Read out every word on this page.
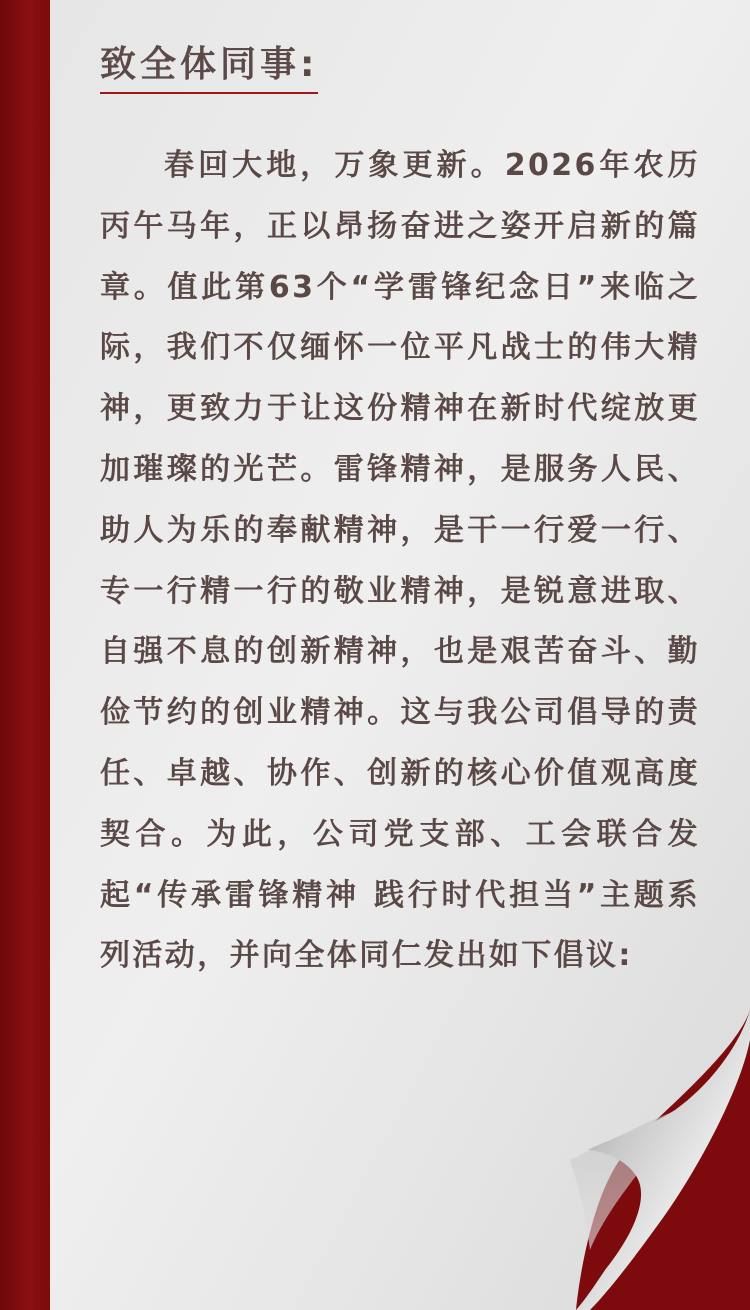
致全体同事:

春回大地，万象更新。2026年农历丙午马年，正以昂扬奋进之姿开启新的篇章。值此第63个“学雷锋纪念日”来临之际，我们不仅缅怀一位平凡战士的伟大精神，更致力于让这份精神在新时代绽放更加璀璨的光芒。雷锋精神，是服务人民、助人为乐的奉献精神，是干一行爱一行、专一行精一行的敬业精神，是锐意进取、自强不息的创新精神，也是艰苦奋斗、勤俭节约的创业精神。这与我公司倡导的责任、卓越、协作、创新的核心价值观高度契合。为此，公司党支部、工会联合发起“传承雷锋精神 践行时代担当”主题系列活动，并向全体同仁发出如下倡议:
